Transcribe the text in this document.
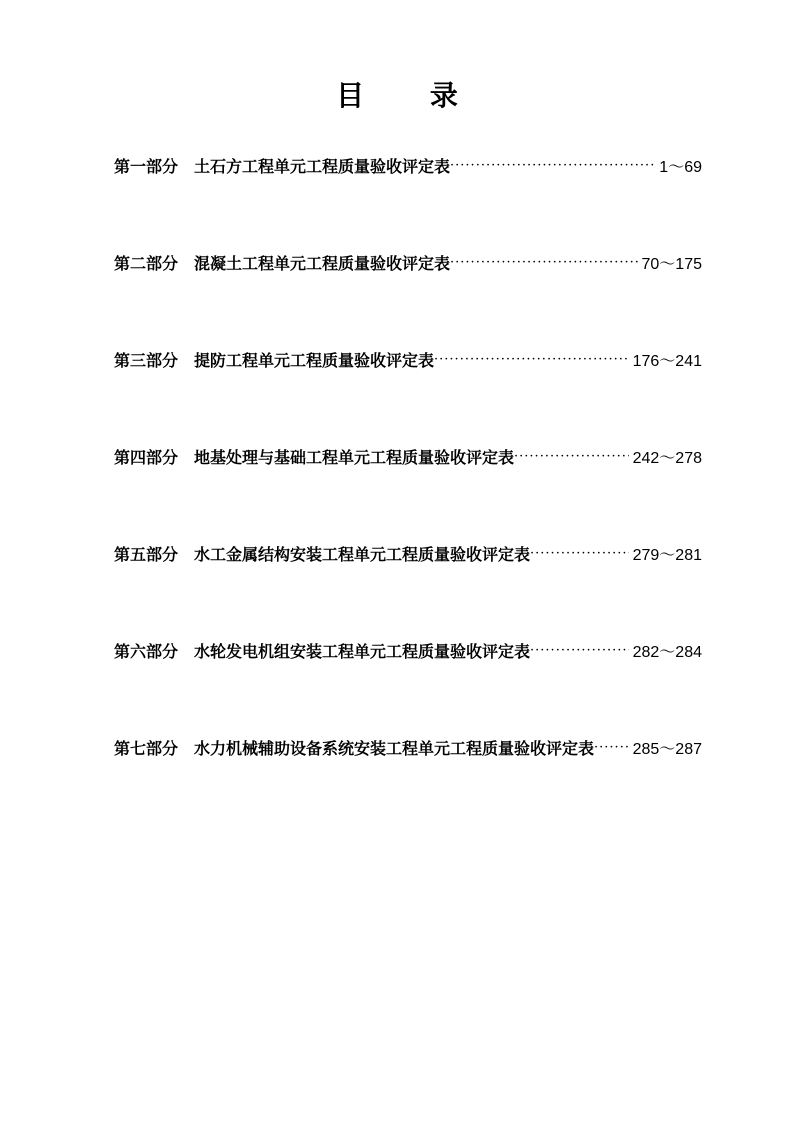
目 录
第一部分 土石方工程单元工程质量验收评定表 ·····	1～69
第二部分 混凝土工程单元工程质量验收评定表 ·····	70～175
第三部分 提防工程单元工程质量验收评定表 ·····	176～241
第四部分 地基处理与基础工程单元工程质量验收评定表 ·····	242～278
第五部分 水工金属结构安装工程单元工程质量验收评定表 ·····	279～281
第六部分 水轮发电机组安装工程单元工程质量验收评定表 ·····	282～284
第七部分 水力机械辅助设备系统安装工程单元工程质量验收评定表 ····· 285～287
